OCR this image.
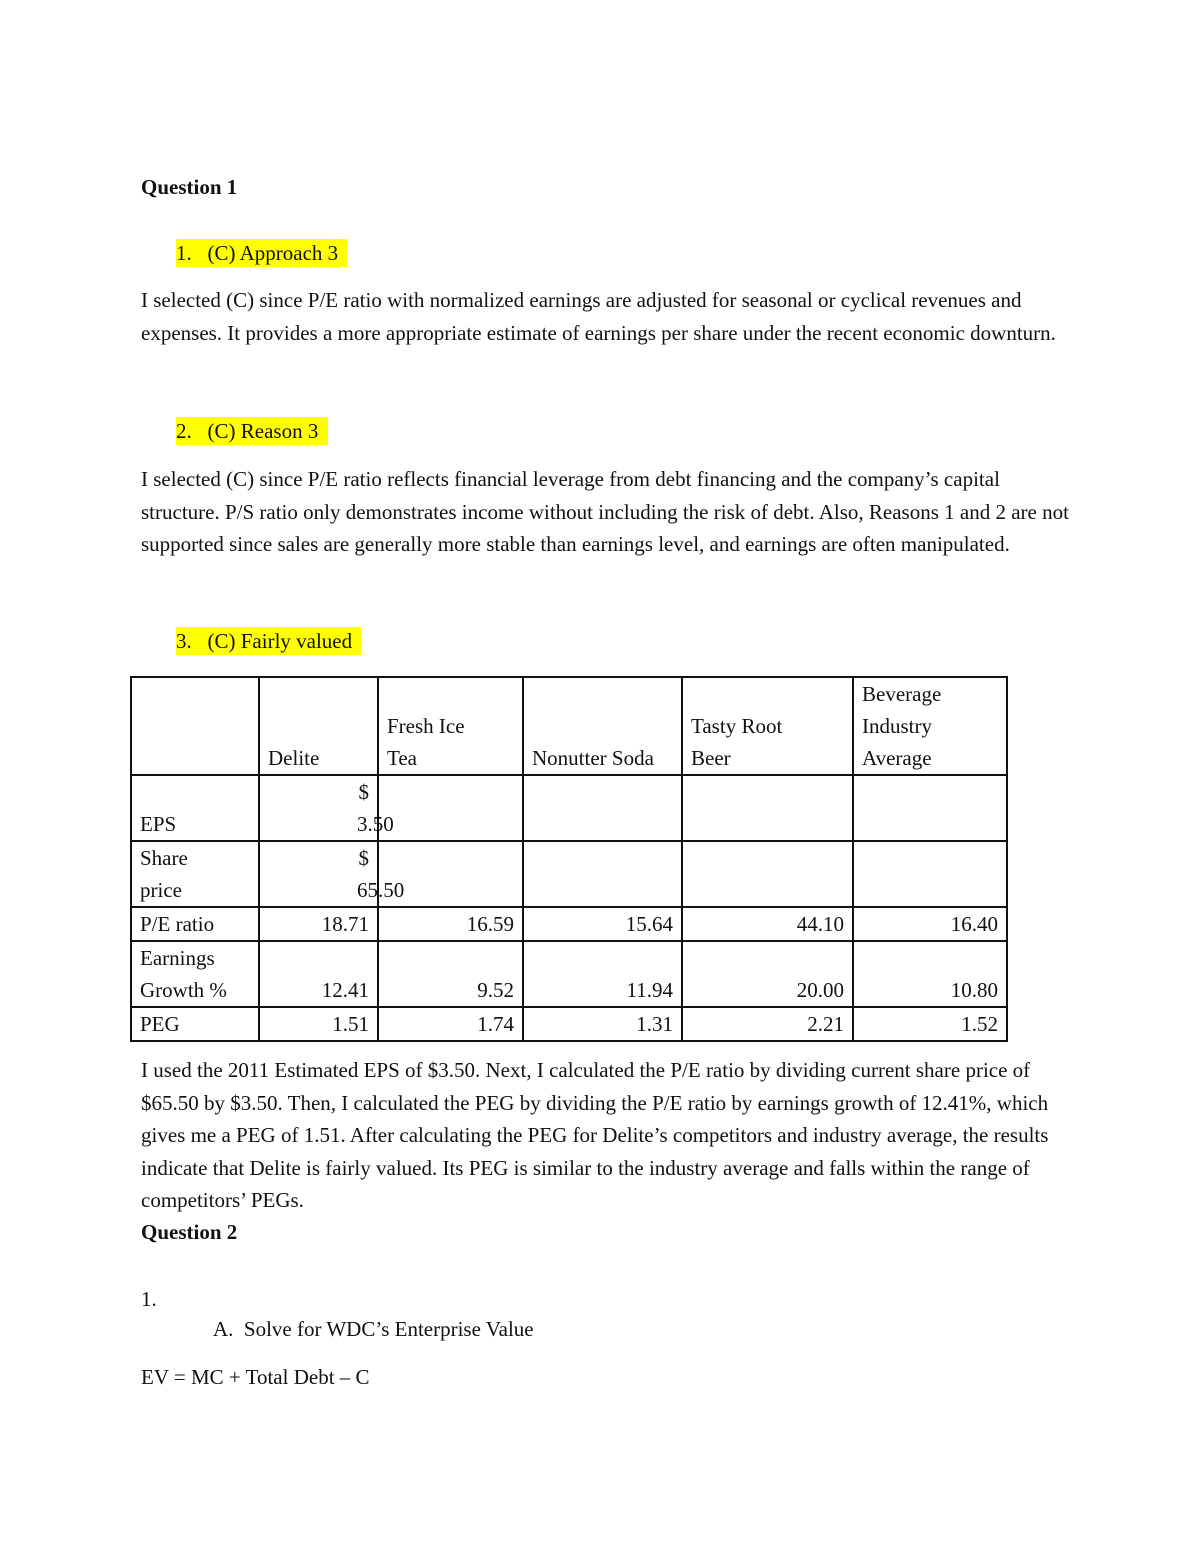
Question 1
1. (C) Approach 3
I selected (C) since P/E ratio with normalized earnings are adjusted for seasonal or cyclical revenues and expenses. It provides a more appropriate estimate of earnings per share under the recent economic downturn.
2. (C) Reason 3
I selected (C) since P/E ratio reflects financial leverage from debt financing and the company’s capital structure. P/S ratio only demonstrates income without including the risk of debt. Also, Reasons 1 and 2 are not supported since sales are generally more stable than earnings level, and earnings are often manipulated.
3. (C) Fairly valued
	Delite	Fresh Ice Tea	Nonutter Soda	Tasty Root Beer	Beverage Industry Average

EPS	$ 3.50				

Share price	$ 65.50				

P/E ratio	18.71	16.59	15.64	44.10	16.40

Earnings Growth %	12.41	9.52	11.94	20.00	10.80
PEG	1.51	1.74	1.31	2.21	1.52
I used the 2011 Estimated EPS of $3.50. Next, I calculated the P/E ratio by dividing current share price of $65.50 by $3.50. Then, I calculated the PEG by dividing the P/E ratio by earnings growth of 12.41%, which gives me a PEG of 1.51. After calculating the PEG for Delite’s competitors and industry average, the results indicate that Delite is fairly valued. Its PEG is similar to the industry average and falls within the range of competitors’ PEGs.
Question 2
1.
A. Solve for WDC’s Enterprise Value
EV = MC + Total Debt – C
